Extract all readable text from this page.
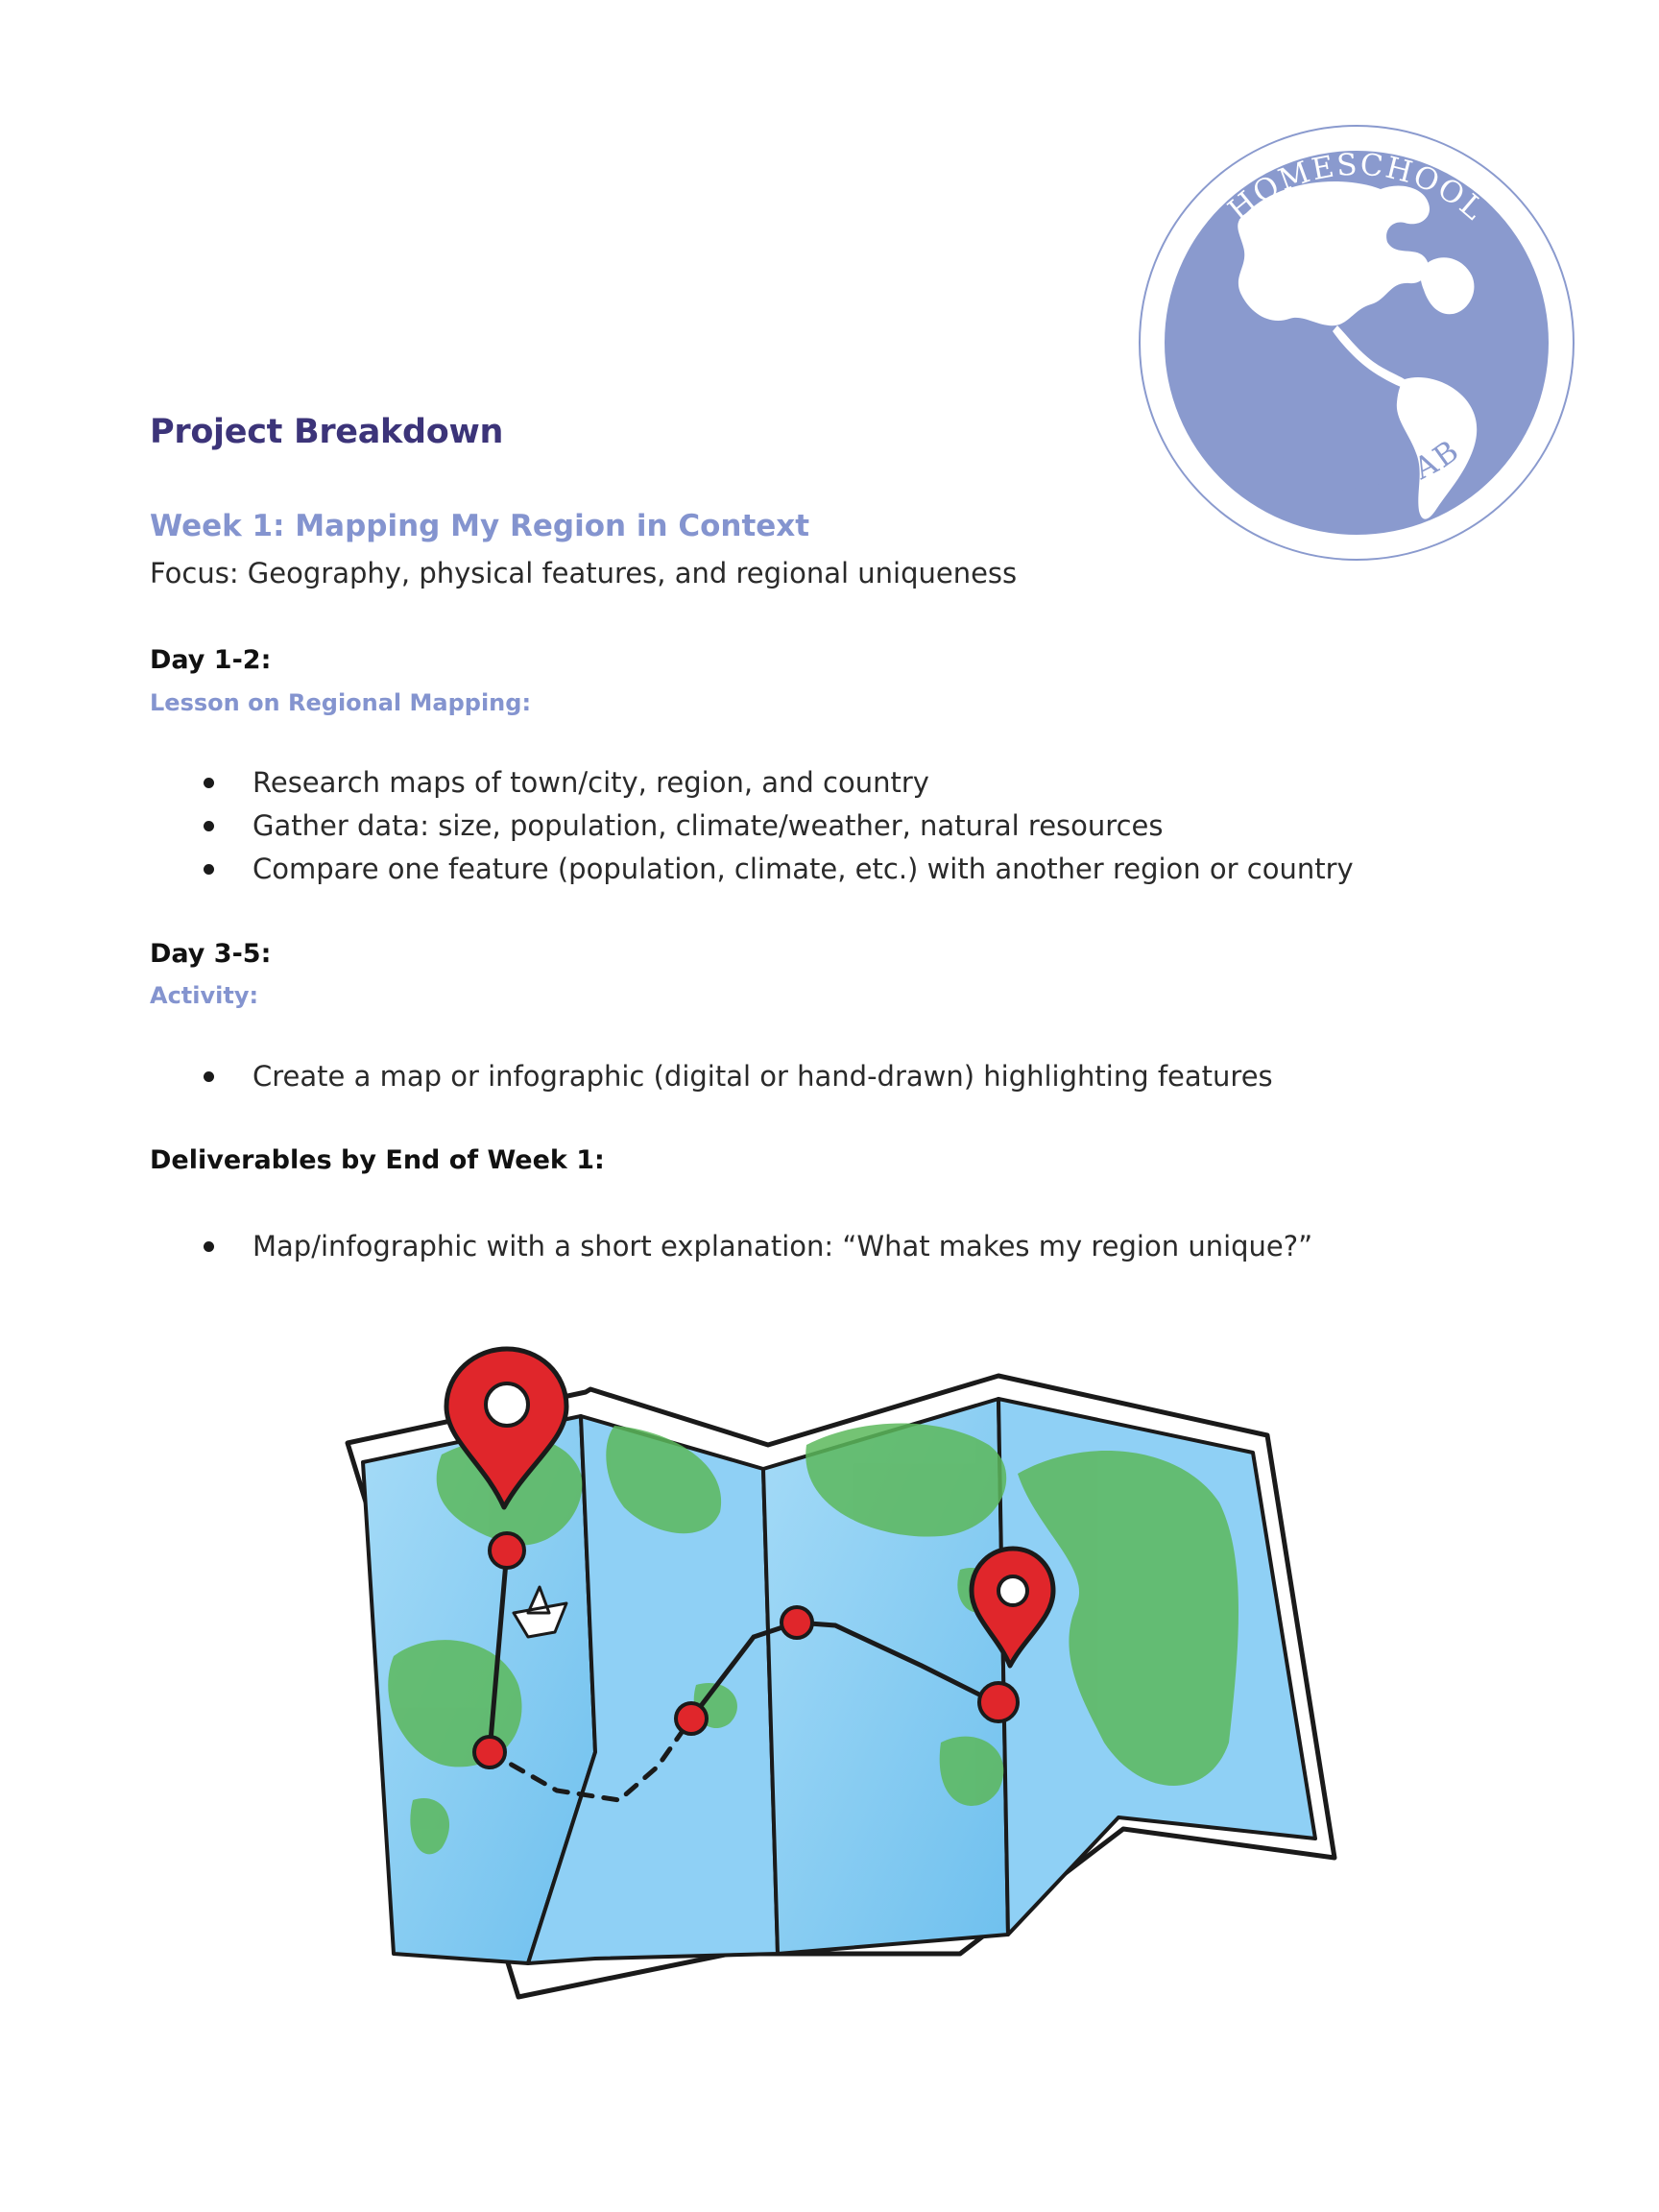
HOMESCHOOL
GENIUS LAB
Project Breakdown
Week 1: Mapping My Region in Context

Focus: Geography, physical features, and regional uniqueness

Day 1-2:
Lesson on Regional Mapping:
Research maps of town/city, region, and country
Gather data: size, population, climate/weather, natural resources
Compare one feature (population, climate, etc.) with another region or country
Day 3-5:
Activity:
Create a map or infographic (digital or hand-drawn) highlighting features
Deliverables by End of Week 1:
Map/infographic with a short explanation: “What makes my region unique?”
